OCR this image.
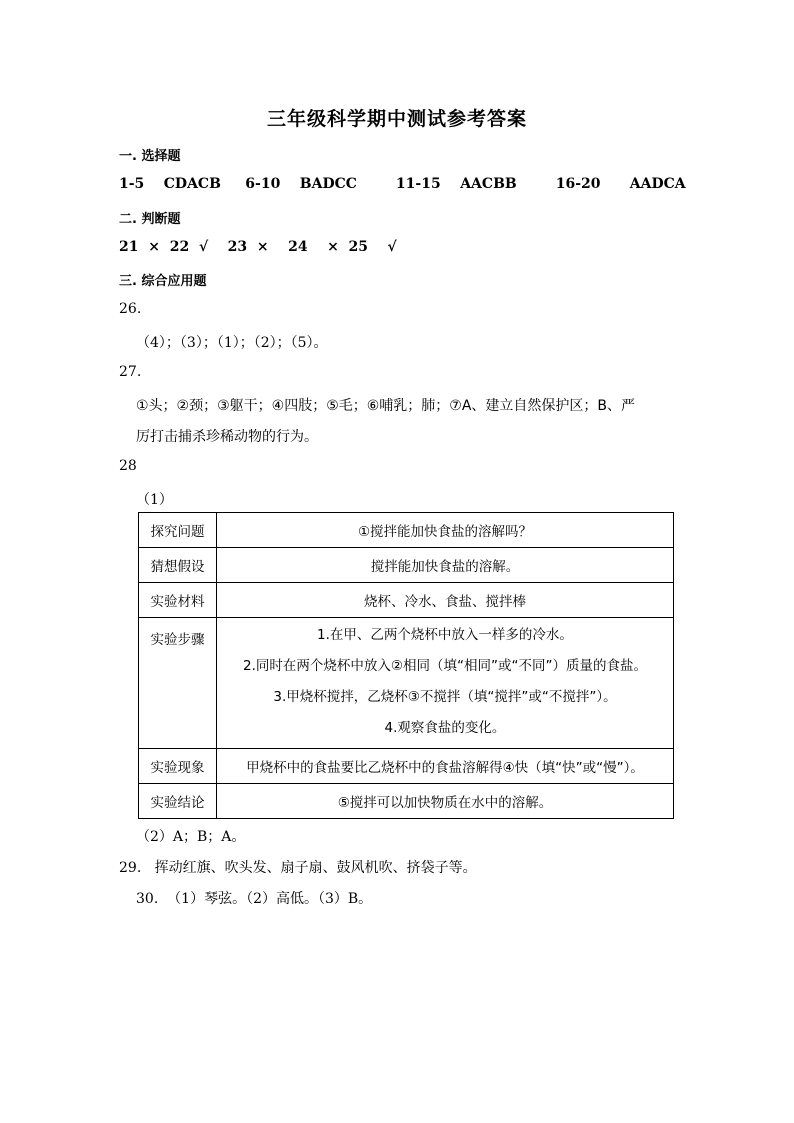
三年级科学期中测试参考答案
一. 选择题
1-5    CDACB     6-10    BADCC        11-15    AACBB        16-20      AADCA
二. 判断题
21  ×  22  √    23  ×    24    ×  25    √
三. 综合应用题
26.
（4）；（3）；（1）；（2）；（5）。
27.
①头；②颈；③躯干；④四肢；⑤毛；⑥哺乳；肺；⑦A、建立自然保护区；B、严
厉打击捕杀珍稀动物的行为。
28
（1）
探究问题	①搅拌能加快食盐的溶解吗？
猜想假设	搅拌能加快食盐的溶解。
实验材料	烧杯、冷水、食盐、搅拌棒
实验步骤	1.在甲、乙两个烧杯中放入一样多的冷水。
2.同时在两个烧杯中放入②相同（填“相同”或“不同”）质量的食盐。
3.甲烧杯搅拌，乙烧杯③不搅拌（填“搅拌”或“不搅拌”）。
4.观察食盐的变化。

实验现象	甲烧杯中的食盐要比乙烧杯中的食盐溶解得④快（填“快”或“慢”）。
实验结论	⑤搅拌可以加快物质在水中的溶解。
（2）A；B；A。
29.   挥动红旗、吹头发、扇子扇、鼓风机吹、挤袋子等。
30.  （1）琴弦。（2）高低。（3）B。
